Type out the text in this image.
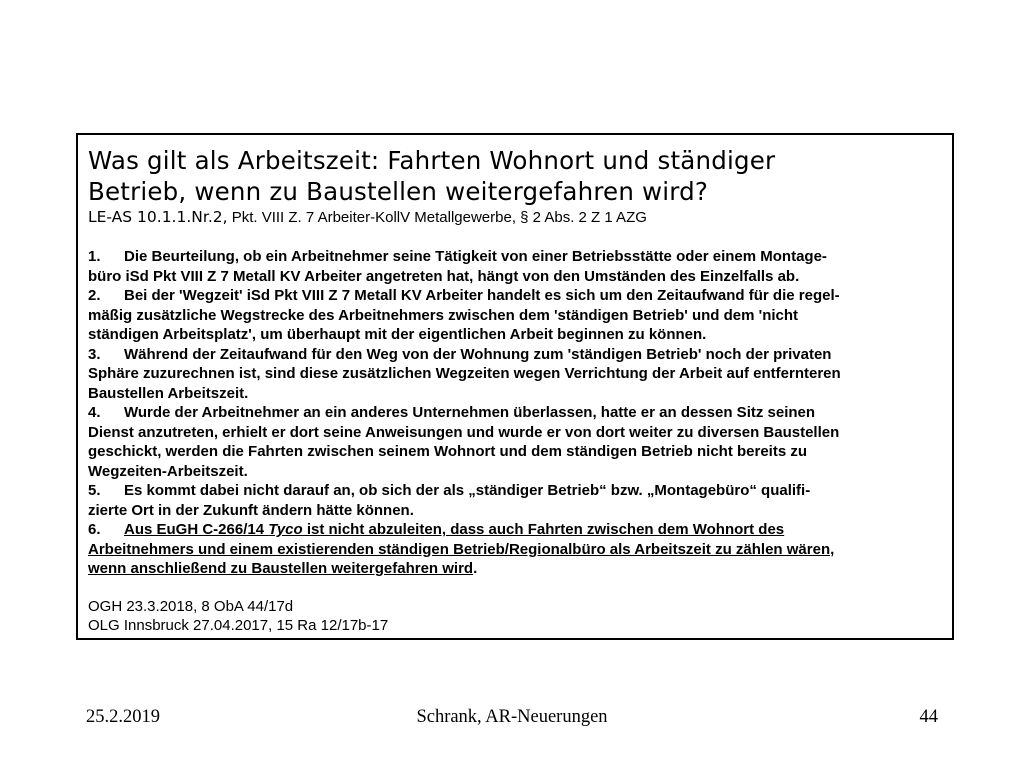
Was gilt als Arbeitszeit: Fahrten Wohnort und ständiger

Betrieb, wenn zu Baustellen weitergefahren wird?

LE-AS 10.1.1.Nr.2, Pkt. VIII Z. 7 Arbeiter-KollV Metallgewerbe, § 2 Abs. 2 Z 1 AZG

1. Die Beurteilung, ob ein Arbeitnehmer seine Tätigkeit von einer Betriebsstätte oder einem Montage-

büro iSd Pkt VIII Z 7 Metall KV Arbeiter angetreten hat, hängt von den Umständen des Einzelfalls ab.

2. Bei der 'Wegzeit' iSd Pkt VIII Z 7 Metall KV Arbeiter handelt es sich um den Zeitaufwand für die regel-

mäßig zusätzliche Wegstrecke des Arbeitnehmers zwischen dem 'ständigen Betrieb' und dem 'nicht

ständigen Arbeitsplatz', um überhaupt mit der eigentlichen Arbeit beginnen zu können.

3. Während der Zeitaufwand für den Weg von der Wohnung zum 'ständigen Betrieb' noch der privaten

Sphäre zuzurechnen ist, sind diese zusätzlichen Wegzeiten wegen Verrichtung der Arbeit auf entfernteren

Baustellen Arbeitszeit.

4. Wurde der Arbeitnehmer an ein anderes Unternehmen überlassen, hatte er an dessen Sitz seinen

Dienst anzutreten, erhielt er dort seine Anweisungen und wurde er von dort weiter zu diversen Baustellen

geschickt, werden die Fahrten zwischen seinem Wohnort und dem ständigen Betrieb nicht bereits zu

Wegzeiten-Arbeitszeit.

5. Es kommt dabei nicht darauf an, ob sich der als „ständiger Betrieb“ bzw. „Montagebüro“ qualifi-

zierte Ort in der Zukunft ändern hätte können.

6. Aus EuGH C-266/14 Tyco ist nicht abzuleiten, dass auch Fahrten zwischen dem Wohnort des

Arbeitnehmers und einem existierenden ständigen Betrieb/Regionalbüro als Arbeitszeit zu zählen wären,

wenn anschließend zu Baustellen weitergefahren wird.

OGH 23.3.2018, 8 ObA 44/17d

OLG Innsbruck 27.04.2017, 15 Ra 12/17b-17

25.2.2019	Schrank, AR-Neuerungen	44
